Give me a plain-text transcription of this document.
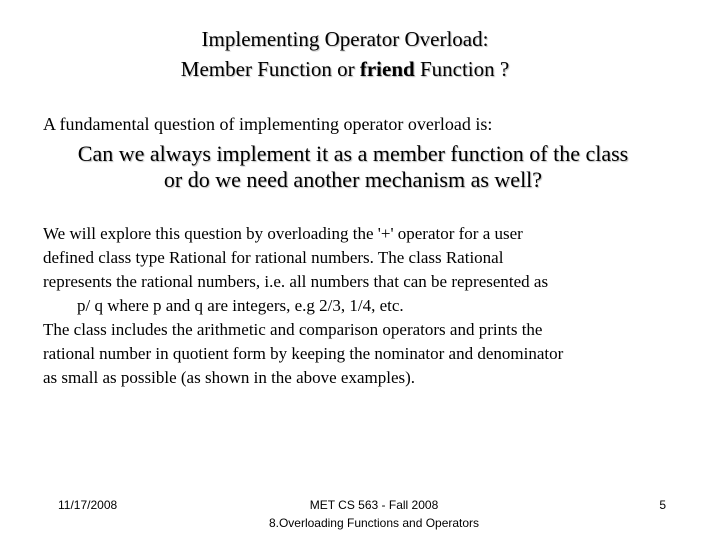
Implementing Operator Overload:
Member Function or friend Function ?
A fundamental question of implementing operator overload is:
Can we always implement it as a member function of the class
or do we need another mechanism as well?
We will explore this question by overloading the '+' operator for a user
defined class type Rational for rational numbers. The class Rational
represents the rational numbers, i.e. all numbers that can be represented as
p/ q where p and q are integers, e.g 2/3, 1/4, etc.
The class includes the arithmetic and comparison operators and prints the
rational number in quotient form by keeping the nominator and denominator
as small as possible (as shown in the above examples).
11/17/2008	MET CS 563 - Fall 2008
8.Overloading Functions and Operators
5
